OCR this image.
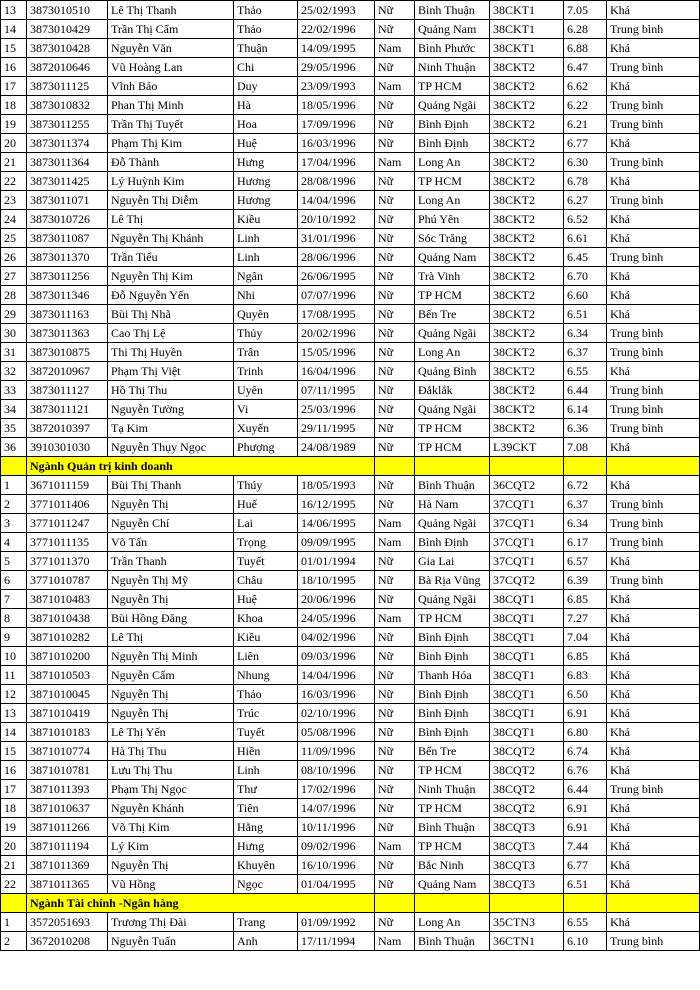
13	3873010510	Lê Thị Thanh	Thảo	25/02/1993	Nữ	Bình Thuận	38CKT1	7.05	Khá
14	3873010429	Trần Thị Cẩm	Thảo	22/02/1996	Nữ	Quảng Nam	38CKT1	6.28	Trung bình
15	3873010428	Nguyễn Văn	Thuận	14/09/1995	Nam	Bình Phước	38CKT1	6.88	Khá
16	3872010646	Vũ Hoàng Lan	Chi	29/05/1996	Nữ	Ninh Thuận	38CKT2	6.47	Trung bình
17	3873011125	Vĩnh Bảo	Duy	23/09/1993	Nam	TP HCM	38CKT2	6.62	Khá
18	3873010832	Phan Thị Minh	Hà	18/05/1996	Nữ	Quảng Ngãi	38CKT2	6.22	Trung bình
19	3873011255	Trần Thị Tuyết	Hoa	17/09/1996	Nữ	Bình Định	38CKT2	6.21	Trung bình
20	3873011374	Phạm Thị Kim	Huệ	16/03/1996	Nữ	Bình Định	38CKT2	6.77	Khá
21	3873011364	Đỗ Thành	Hưng	17/04/1996	Nam	Long An	38CKT2	6.30	Trung bình
22	3873011425	Lý Huỳnh Kim	Hương	28/08/1996	Nữ	TP HCM	38CKT2	6.78	Khá
23	3873011071	Nguyễn Thị Diễm	Hương	14/04/1996	Nữ	Long An	38CKT2	6.27	Trung bình
24	3873010726	Lê Thị	Kiều	20/10/1992	Nữ	Phú Yên	38CKT2	6.52	Khá
25	3873011087	Nguyễn Thị Khánh	Linh	31/01/1996	Nữ	Sóc Trăng	38CKT2	6.61	Khá
26	3873011370	Trần Tiểu	Linh	28/06/1996	Nữ	Quảng Nam	38CKT2	6.45	Trung bình
27	3873011256	Nguyễn Thị Kim	Ngân	26/06/1995	Nữ	Trà Vinh	38CKT2	6.70	Khá
28	3873011346	Đỗ Nguyễn Yến	Nhi	07/07/1996	Nữ	TP HCM	38CKT2	6.60	Khá
29	3873011163	Bùi Thị Nhã	Quyên	17/08/1995	Nữ	Bến Tre	38CKT2	6.51	Khá
30	3873011363	Cao Thị Lệ	Thủy	20/02/1996	Nữ	Quảng Ngãi	38CKT2	6.34	Trung bình
31	3873010875	Thi Thị Huyền	Trân	15/05/1996	Nữ	Long An	38CKT2	6.37	Trung bình
32	3872010967	Phạm Thị Việt	Trinh	16/04/1996	Nữ	Quảng Bình	38CKT2	6.55	Khá
33	3873011127	Hồ Thị Thu	Uyên	07/11/1995	Nữ	Đắklắk	38CKT2	6.44	Trung bình
34	3873011121	Nguyễn Tường	Vi	25/03/1996	Nữ	Quảng Ngãi	38CKT2	6.14	Trung bình
35	3872010397	Tạ Kim	Xuyến	29/11/1995	Nữ	TP HCM	38CKT2	6.36	Trung bình
36	3910301030	Nguyễn Thụy Ngọc	Phượng	24/08/1989	Nữ	TP HCM	L39CKT	7.08	Khá
	Ngành Quản trị kinh doanh								
1	3671011159	Bùi Thị Thanh	Thúy	18/05/1993	Nữ	Bình Thuận	36CQT2	6.72	Khá
2	3771011406	Nguyễn Thị	Huế	16/12/1995	Nữ	Hà Nam	37CQT1	6.37	Trung bình
3	3771011247	Nguyễn Chí	Lai	14/06/1995	Nam	Quảng Ngãi	37CQT1	6.34	Trung bình
4	3771011135	Võ Tấn	Trọng	09/09/1995	Nam	Bình Định	37CQT1	6.17	Trung bình
5	3771011370	Trần Thanh	Tuyết	01/01/1994	Nữ	Gia Lai	37CQT1	6.57	Khá
6	3771010787	Nguyễn Thị Mỹ	Châu	18/10/1995	Nữ	Bà Rịa Vũng	37CQT2	6.39	Trung bình
7	3871010483	Nguyễn Thị	Huệ	20/06/1996	Nữ	Quảng Ngãi	38CQT1	6.85	Khá
8	3871010438	Bùi Hồng Đăng	Khoa	24/05/1996	Nam	TP HCM	38CQT1	7.27	Khá
9	3871010282	Lê Thị	Kiều	04/02/1996	Nữ	Bình Định	38CQT1	7.04	Khá
10	3871010200	Nguyễn Thị Minh	Liên	09/03/1996	Nữ	Bình Định	38CQT1	6.85	Khá
11	3871010503	Nguyễn Cẩm	Nhung	14/04/1996	Nữ	Thanh Hóa	38CQT1	6.83	Khá
12	3871010045	Nguyễn Thị	Thảo	16/03/1996	Nữ	Bình Định	38CQT1	6.50	Khá
13	3871010419	Nguyễn Thị	Trúc	02/10/1996	Nữ	Bình Định	38CQT1	6.91	Khá
14	3871010183	Lê Thị Yến	Tuyết	05/08/1996	Nữ	Bình Định	38CQT1	6.80	Khá
15	3871010774	Hà Thị Thu	Hiền	11/09/1996	Nữ	Bến Tre	38CQT2	6.74	Khá
16	3871010781	Lưu Thị Thu	Linh	08/10/1996	Nữ	TP HCM	38CQT2	6.76	Khá
17	3871011393	Phạm Thị Ngọc	Thư	17/02/1996	Nữ	Ninh Thuận	38CQT2	6.44	Trung bình
18	3871010637	Nguyễn Khánh	Tiên	14/07/1996	Nữ	TP HCM	38CQT2	6.91	Khá
19	3871011266	Võ Thị Kim	Hằng	10/11/1996	Nữ	Bình Thuận	38CQT3	6.91	Khá
20	3871011194	Lý Kim	Hưng	09/02/1996	Nam	TP HCM	38CQT3	7.44	Khá
21	3871011369	Nguyễn Thị	Khuyên	16/10/1996	Nữ	Bắc Ninh	38CQT3	6.77	Khá
22	3871011365	Vũ Hồng	Ngọc	01/04/1995	Nữ	Quảng Nam	38CQT3	6.51	Khá
	Ngành Tài chính -Ngân hàng								
1	3572051693	Trương Thị Đài	Trang	01/09/1992	Nữ	Long An	35CTN3	6.55	Khá
2	3672010208	Nguyễn Tuấn	Anh	17/11/1994	Nam	Bình Thuận	36CTN1	6.10	Trung bình
